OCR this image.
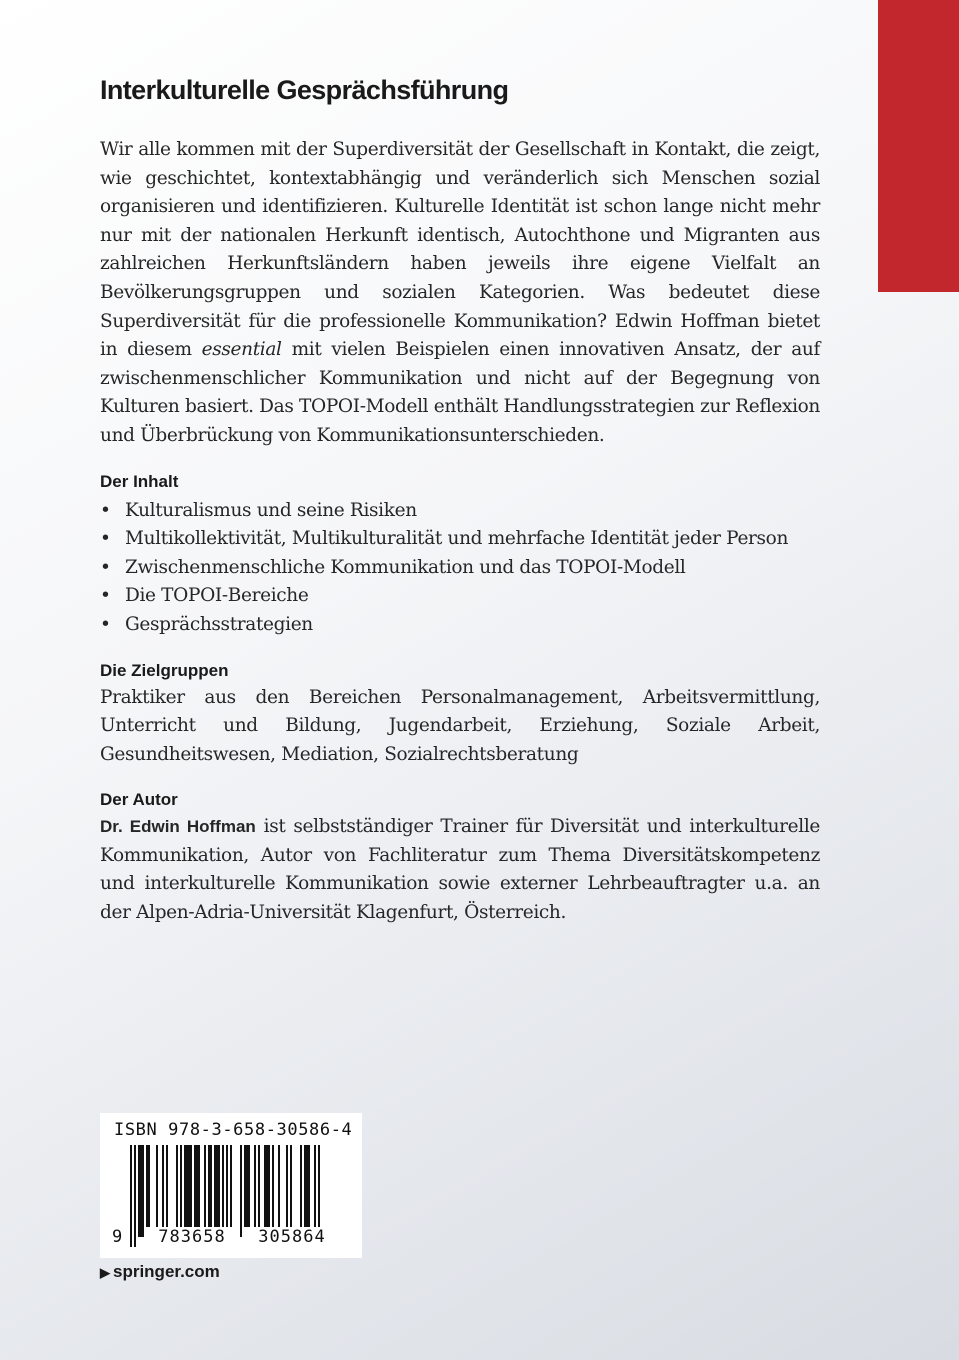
Interkulturelle Gesprächsführung

Wir alle kommen mit der Superdiversität der Gesellschaft in Kontakt, die zeigt, wie geschichtet, kontextabhängig und veränderlich sich Menschen sozial organisieren und identifizieren. Kulturelle Identität ist schon lange nicht mehr nur mit der nationalen Herkunft identisch, Autochthone und Migranten aus zahlreichen Herkunftsländern haben jeweils ihre eigene Vielfalt an Bevölkerungsgruppen und sozialen Kategorien. Was bedeutet diese Superdiversität für die professionelle Kommunikation? Edwin Hoffman bietet in diesem essential mit vielen Beispielen einen innovativen Ansatz, der auf zwischenmenschlicher Kommunikation und nicht auf der Begegnung von Kulturen basiert. Das TOPOI-Modell enthält Handlungsstrategien zur Reflexion und Überbrückung von Kommunikationsunterschieden.

Der Inhalt
• Kulturalismus und seine Risiken
• Multikollektivität, Multikulturalität und mehrfache Identität jeder Person
• Zwischenmenschliche Kommunikation und das TOPOI-Modell
• Die TOPOI-Bereiche
• Gesprächsstrategien
Die Zielgruppen

Praktiker aus den Bereichen Personalmanagement, Arbeitsvermittlung, Unterricht und Bildung, Jugendarbeit, Erziehung, Soziale Arbeit, Gesundheitswesen, Mediation, Sozialrechtsberatung

Der Autor

Dr. Edwin Hoffman ist selbstständiger Trainer für Diversität und interkulturelle Kommunikation, Autor von Fachliteratur zum Thema Diversitätskompetenz und interkulturelle Kommunikation sowie externer Lehrbeauftragter u.a. an der Alpen-Adria-Universität Klagenfurt, Österreich.

ISBN 978-3-658-30586-4
9	783658	305864
▶ springer.com
